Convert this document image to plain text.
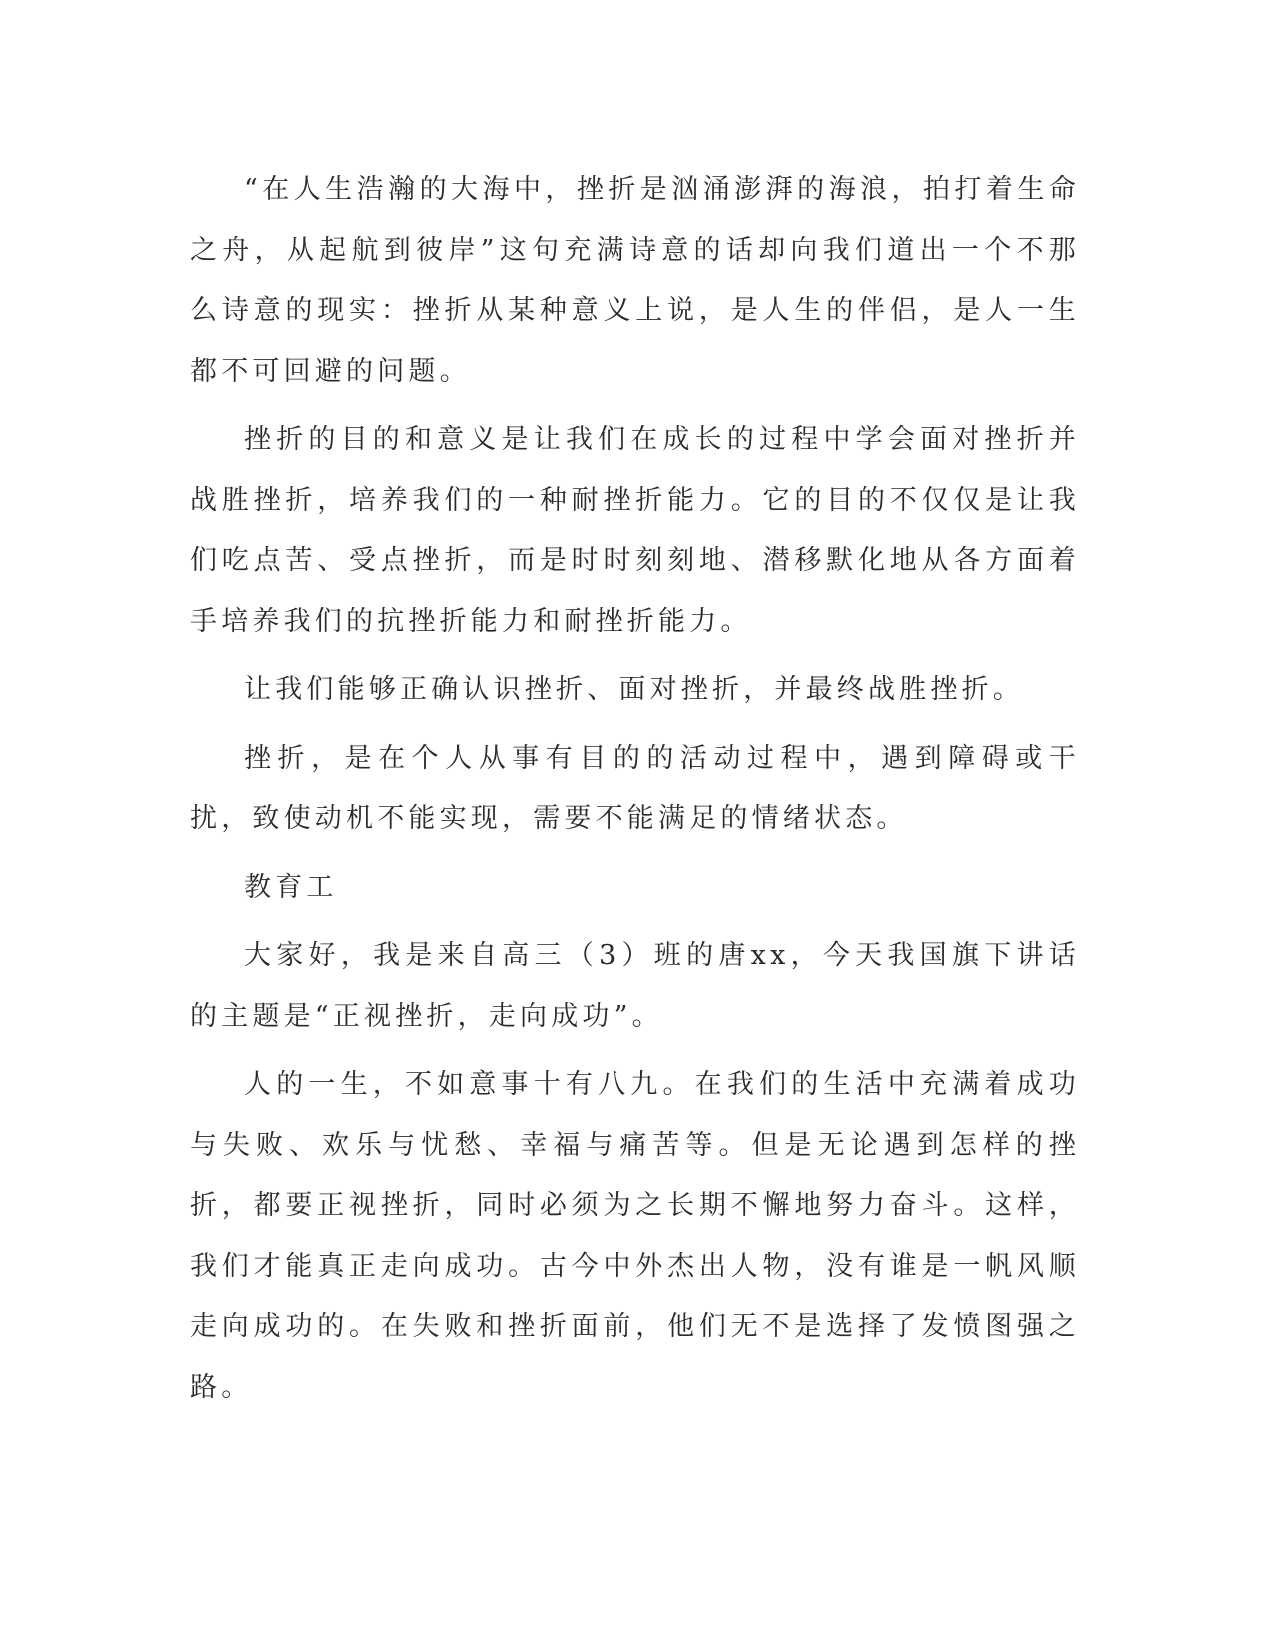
“在人生浩瀚的大海中，挫折是汹涌澎湃的海浪，拍打着生命之舟，从起航到彼岸”这句充满诗意的话却向我们道出一个不那么诗意的现实：挫折从某种意义上说，是人生的伴侣，是人一生都不可回避的问题。

挫折的目的和意义是让我们在成长的过程中学会面对挫折并战胜挫折，培养我们的一种耐挫折能力。它的目的不仅仅是让我们吃点苦、受点挫折，而是时时刻刻地、潜移默化地从各方面着手培养我们的抗挫折能力和耐挫折能力。

让我们能够正确认识挫折、面对挫折，并最终战胜挫折。

挫折，是在个人从事有目的的活动过程中，遇到障碍或干扰，致使动机不能实现，需要不能满足的情绪状态。

教育工

大家好，我是来自高三（3）班的唐xx，今天我国旗下讲话的主题是“正视挫折，走向成功”。

人的一生，不如意事十有八九。在我们的生活中充满着成功与失败、欢乐与忧愁、幸福与痛苦等。但是无论遇到怎样的挫折，都要正视挫折，同时必须为之长期不懈地努力奋斗。这样，我们才能真正走向成功。古今中外杰出人物，没有谁是一帆风顺走向成功的。在失败和挫折面前，他们无不是选择了发愤图强之路。
